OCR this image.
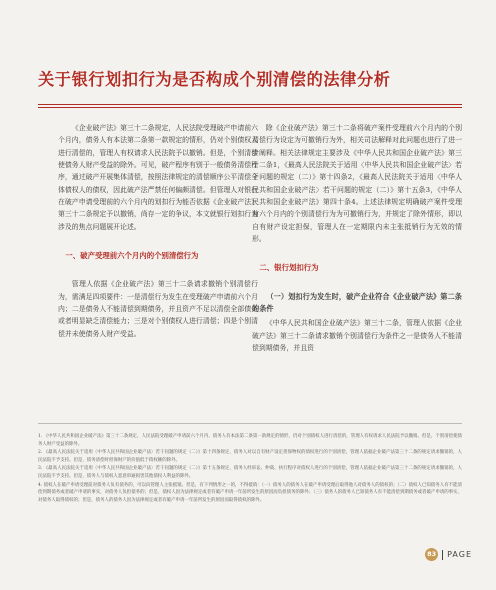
关于银行划扣行为是否构成个别清偿的法律分析

《企业破产法》第三十二条规定，人民法院受理破产申请前六个月内，债务人有本法第二条第一款规定的情形，仍对个别债权人进行清偿的，管理人有权请求人民法院予以撤销。但是，个别清偿使债务人财产受益的除外。可见，破产程序有别于一般债务清偿程序，通过破产开展集体清偿，按照法律规定的清偿顺序公平清偿全体债权人的债权，因此破产法严禁任何偏颇清偿。但管理人对银行在破产申请受理前的六个月内的划扣行为能否依据《企业破产法》第三十二条规定予以撤销，尚存一定的争议，本文就银行划扣行为涉及的焦点问题展开论述。

一、破产受理前六个月内的个别清偿行为

管理人依据《企业破产法》第三十二条请求撤销个别清偿行为，需满足四项要件：一是清偿行为发生在受理破产申请前六个月内；二是债务人不能清偿到期债务，并且资产不足以清偿全部债务或者明显缺乏清偿能力；三是对个别债权人进行清偿；四是个别清偿并未使债务人财产受益。

除《企业破产法》第三十二条将破产案件受理前六个月内的个别清偿行为设定为可撤销行为外，相关司法解释对此问题也进行了进一步阐释。相关法律规定主要涉及《中华人民共和国企业破产法》第三十二条1，《最高人民法院关于适用〈中华人民共和国企业破产法〉若干问题的规定（二）》第十四条2，《最高人民法院关于适用〈中华人民共和国企业破产法〉若干问题的规定（二）》第十五条3，《中华人民共和国企业破产法》第四十条4。上述法律规定明确破产案件受理前六个月内的个别清偿行为为可撤销行为，并规定了除外情形，即以自有财产设定担保，管理人在一定期限内未主张抵销行为无效的情形。

二、银行划扣行为
（一）划扣行为发生时，破产企业符合《企业破产法》第二条的条件

《中华人民共和国企业破产法》第三十二条，管理人依据《企业破产法》第三十二条请求撤销个别清偿行为条件之一是债务人不能清偿到期债务，并且资

1. 《中华人民共和国企业破产法》第三十二条规定，人民法院受理破产申请前六个月内，债务人有本法第二条第一款规定的情形，仍对个别债权人进行清偿的，管理人有权请求人民法院予以撤销。但是，个别清偿使债务人财产受益的除外。
2. 《最高人民法院关于适用〈中华人民共和国企业破产法〉若干问题的规定（二）》第十四条规定，债务人对以自有财产设定担保物权的债权进行的个别清偿，管理人依据企业破产法第三十二条的规定请求撤销的，人民法院不予支持。但是，债务清偿时担保财产的价值低于债权额的除外。
3. 《最高人民法院关于适用〈中华人民共和国企业破产法〉若干问题的规定（二）》第十五条规定，债务人经诉讼、仲裁、执行程序对债权人进行的个别清偿，管理人依据企业破产法第三十二条的规定请求撤销的，人民法院不予支持。但是，债务人与债权人恶意串通损害其他债权人利益的除外。
4. 债权人在破产申请受理前对债务人负有债务的，可以向管理人主张抵销。但是，有下列情形之一的，不得抵销：（一）债务人的债务人在破产申请受理后取得他人对债务人的债权的；（二）债权人已知债务人有不能清偿到期债务或者破产申请的事实，对债务人负担债务的；但是，债权人因为法律规定或者有破产申请一年前所发生的原因而负担债务的除外；（三）债务人的债务人已知债务人有不能清偿到期债务或者破产申请的事实，对债务人取得债权的；但是，债务人的债务人因为法律规定或者有破产申请一年前所发生的原因而取得债权的除外。
83 PAGE
